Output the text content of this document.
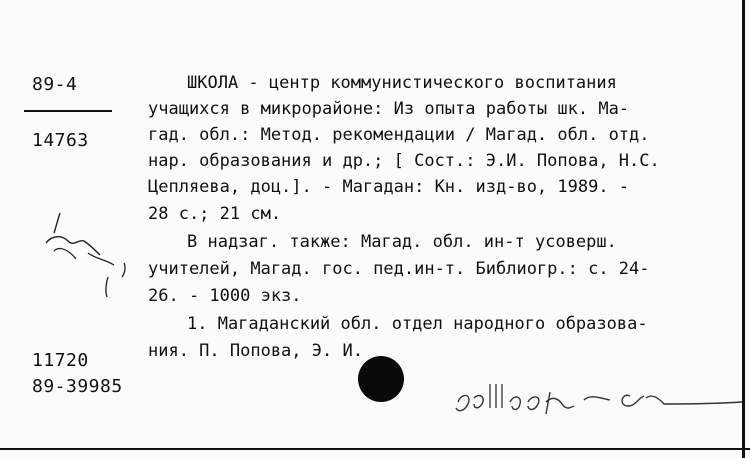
89-4
14763
ШКОЛА - центр коммунистического воспитания
учащихся в микрорайоне: Из опыта работы шк. Ма-
гад. обл.: Метод. рекомендации / Магад. обл. отд.
нар. образования и др.; [ Сост.: Э.И. Попова, Н.С.
Цепляева, доц.]. - Магадан: Кн. изд-во, 1989. -
28 с.; 21 см.
В надзаг. также: Магад. обл. ин-т усоверш.
учителей, Магад. гос. пед.ин-т. Библиогр.: с. 24-
26. - 1000 экз.
1. Магаданский обл. отдел народного образова-
ния. П. Попова, Э. И.
11720
89-39985
